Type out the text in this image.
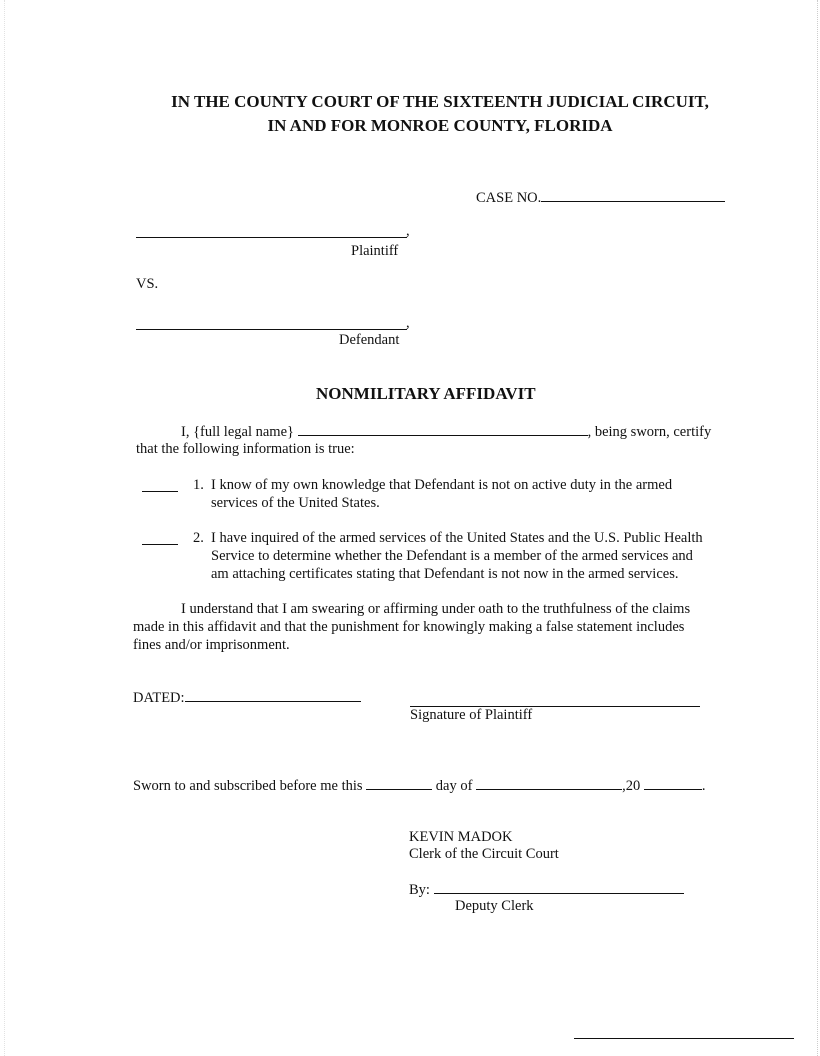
IN THE COUNTY COURT OF THE SIXTEENTH JUDICIAL CIRCUIT,
IN AND FOR MONROE COUNTY, FLORIDA
CASE NO.
,
Plaintiff
VS.
,
Defendant
NONMILITARY AFFIDAVIT
I, {full legal name}	, being sworn, certify
that the following information is true:
1. I know of my own knowledge that Defendant is not on active duty in the armed
services of the United States.
2. I have inquired of the armed services of the United States and the U.S. Public Health
Service to determine whether the Defendant is a member of the armed services and
am attaching certificates stating that Defendant is not now in the armed services.
I understand that I am swearing or affirming under oath to the truthfulness of the claims
made in this affidavit and that the punishment for knowingly making a false statement includes
fines and/or imprisonment.
DATED:
Signature of Plaintiff
Sworn to and subscribed before me this	day of	,20	.
KEVIN MADOK
Clerk of the Circuit Court
By:
Deputy Clerk
